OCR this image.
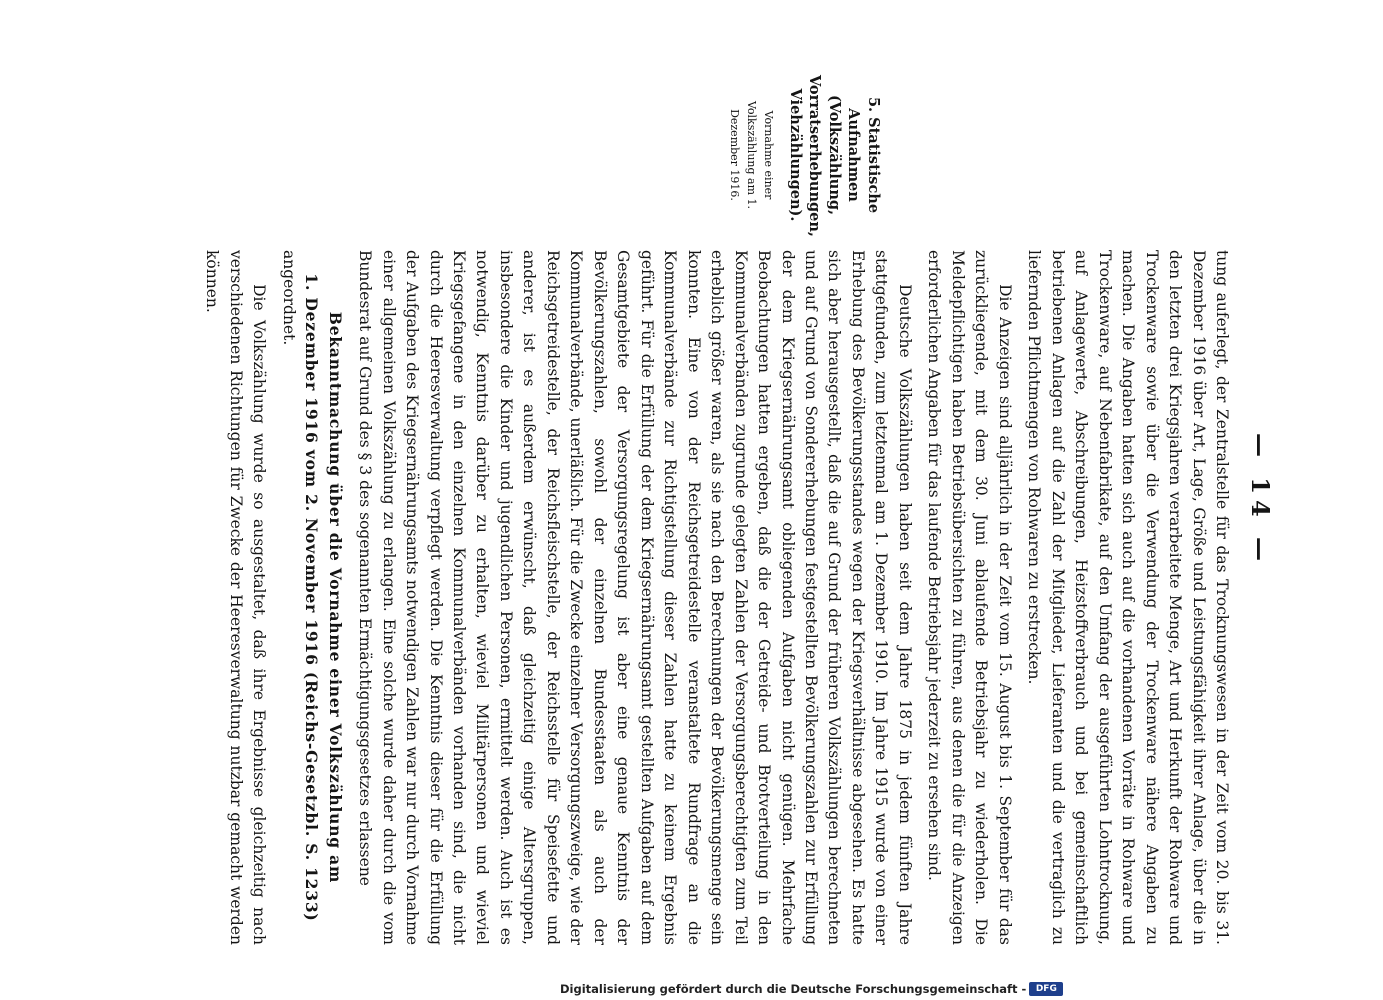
— 14 —

5. Statistische Aufnahmen (Volkszählung, Vorratserhebungen, Viehzählungen).

Vornahme einer Volkszählung am 1. Dezember 1916.

tung auferlegt, der Zentralstelle für das Trocknungswesen in der Zeit vom 20. bis 31. Dezember 1916 über Art, Lage, Größe und Leistungsfähigkeit ihrer Anlage, über die in den letzten drei Kriegsjahren verarbeitete Menge, Art und Herkunft der Rohware und Trockenware sowie über die Verwendung der Trockenware nähere Angaben zu machen. Die Angaben hatten sich auch auf die vorhandenen Vorräte in Rohware und Trockenware, auf Nebenfabrikate, auf den Umfang der ausgeführten Lohntrocknung, auf Anlagewerte, Abschreibungen, Heizstoffverbrauch und bei gemeinschaftlich betriebenen Anlagen auf die Zahl der Mitglieder, Lieferanten und die vertraglich zu liefernden Pflichtmengen von Rohwaren zu erstrecken.

Die Anzeigen sind alljährlich in der Zeit vom 15. August bis 1. September für das zurückliegende, mit dem 30. Juni ablaufende Betriebsjahr zu wiederholen. Die Meldepflichtigen haben Betriebsübersichten zu führen, aus denen die für die Anzeigen erforderlichen Angaben für das laufende Betriebsjahr jederzeit zu ersehen sind.

Deutsche Volkszählungen haben seit dem Jahre 1875 in jedem fünften Jahre stattgefunden, zum letztenmal am 1. Dezember 1910. Im Jahre 1915 wurde von einer Erhebung des Bevölkerungsstandes wegen der Kriegsverhältnisse abgesehen. Es hatte sich aber herausgestellt, daß die auf Grund der früheren Volkszählungen berechneten und auf Grund von Sondererhebungen festgestellten Bevölkerungszahlen zur Erfüllung der dem Kriegsernährungsamt obliegenden Aufgaben nicht genügen. Mehrfache Beobachtungen hatten ergeben, daß die der Getreide- und Brotverteilung in den Kommunalverbänden zugrunde gelegten Zahlen der Versorgungsberechtigten zum Teil erheblich größer waren, als sie nach den Berechnungen der Bevölkerungsmenge sein konnten. Eine von der Reichsgetreidestelle veranstaltete Rundfrage an die Kommunalverbände zur Richtigstellung dieser Zahlen hatte zu keinem Ergebnis geführt. Für die Erfüllung der dem Kriegsernährungsamt gestellten Aufgaben auf dem Gesamtgebiete der Versorgungsregelung ist aber eine genaue Kenntnis der Bevölkerungszahlen, sowohl der einzelnen Bundesstaaten als auch der Kommunalverbände, unerläßlich. Für die Zwecke einzelner Versorgungszweige, wie der Reichsgetreidestelle, der Reichsfleischstelle, der Reichsstelle für Speisefette und anderer, ist es außerdem erwünscht, daß gleichzeitig einige Altersgruppen, insbesondere die Kinder und jugendlichen Personen, ermittelt werden. Auch ist es notwendig, Kenntnis darüber zu erhalten, wieviel Militärpersonen und wieviel Kriegsgefangene in den einzelnen Kommunalverbänden vorhanden sind, die nicht durch die Heeresverwaltung verpflegt werden. Die Kenntnis dieser für die Erfüllung der Aufgaben des Kriegsernährungsamts notwendigen Zahlen war nur durch Vornahme einer allgemeinen Volkszählung zu erlangen. Eine solche wurde daher durch die vom Bundesrat auf Grund des § 3 des sogenannten Ermächtigungsgesetzes erlassene

Bekanntmachung über die Vornahme einer Volkszählung am

1. Dezember 1916 vom 2. November 1916 (Reichs-Gesetzbl. S. 1233)

angeordnet.

Die Volkszählung wurde so ausgestaltet, daß ihre Ergebnisse gleichzeitig nach verschiedenen Richtungen für Zwecke der Heeresverwaltung nutzbar gemacht werden können.

Digitalisierung gefördert durch die Deutsche Forschungsgemeinschaft - DFG
